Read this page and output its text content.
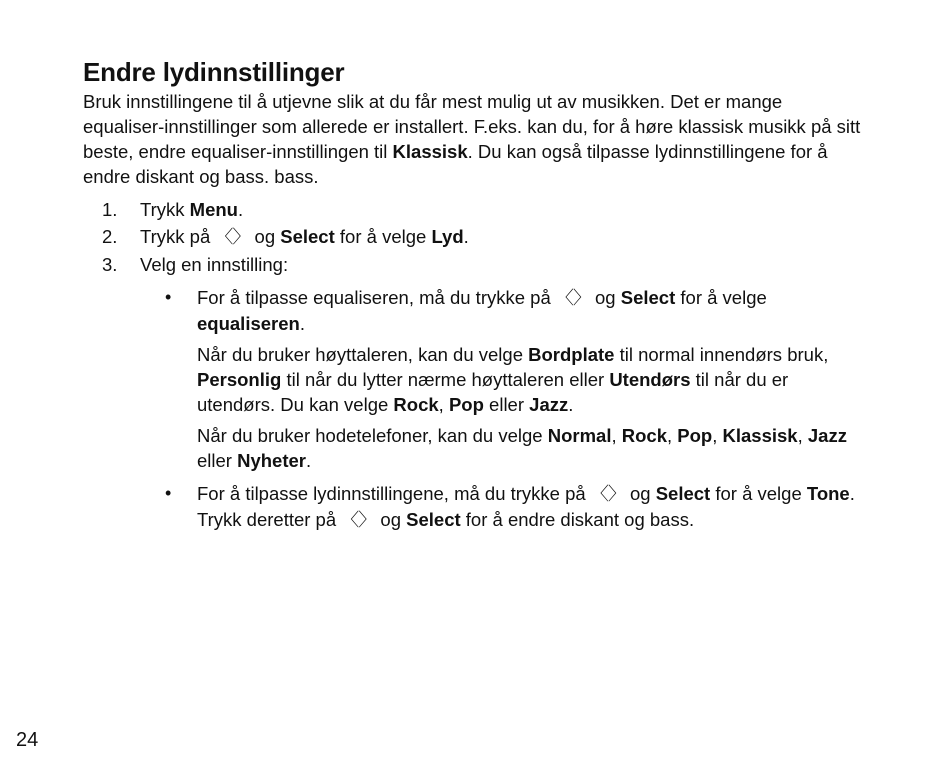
Endre lydinnstillinger

Bruk innstillingene til å utjevne slik at du får mest mulig ut av musikken. Det er mange equaliser-innstillinger som allerede er installert. F.eks. kan du, for å høre klassisk musikk på sitt beste, endre equaliser-innstillingen til Klassisk. Du kan også tilpasse lydinnstillingene for å endre diskant og bass. bass.

1. Trykk Menu.
2. Trykk på 〈〉 og Select for å velge Lyd.
3. Velg en innstilling:
• For å tilpasse equaliseren, må du trykke på 〈〉 og Select for å velge equaliseren.

Når du bruker høyttaleren, kan du velge Bordplate til normal innendørs bruk, Personlig til når du lytter nærme høyttaleren eller Utendørs til når du er utendørs. Du kan velge Rock, Pop eller Jazz.

Når du bruker hodetelefoner, kan du velge Normal, Rock, Pop, Klassisk, Jazz eller Nyheter.

• For å tilpasse lydinnstillingene, må du trykke på 〈〉 og Select for å velge Tone. Trykk deretter på 〈〉 og Select for å endre diskant og bass.

24
